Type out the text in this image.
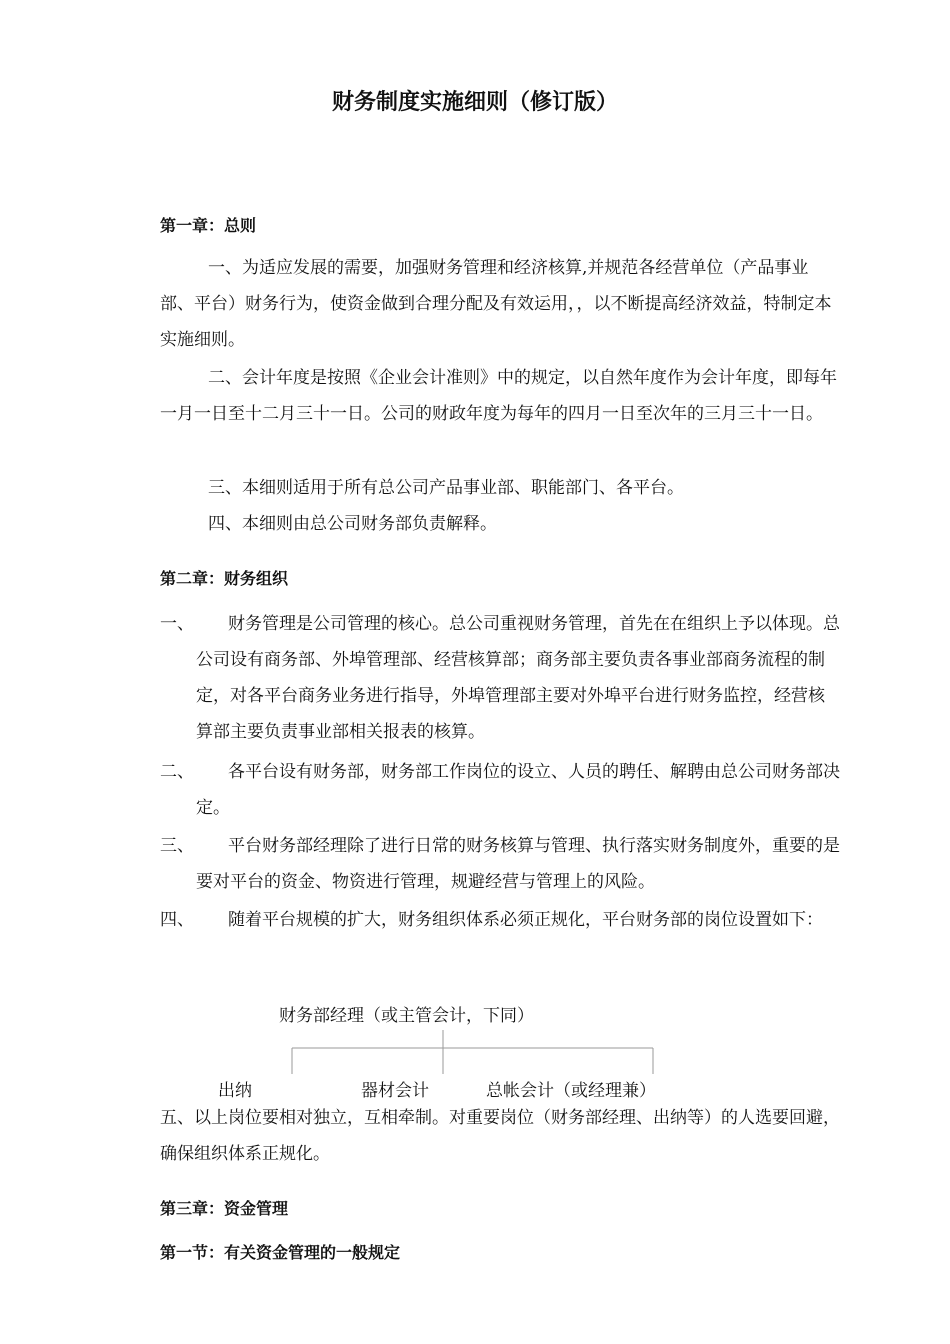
财务制度实施细则（修订版）
第一章：总则

一、为适应发展的需要，加强财务管理和经济核算,并规范各经营单位（产品事业部、平台）财务行为，使资金做到合理分配及有效运用，，以不断提高经济效益，特制定本实施细则。

二、会计年度是按照《企业会计准则》中的规定，以自然年度作为会计年度，即每年一月一日至十二月三十一日。公司的财政年度为每年的四月一日至次年的三月三十一日。

三、本细则适用于所有总公司产品事业部、职能部门、各平台。

四、本细则由总公司财务部负责解释。

第二章：财务组织
一、	财务管理是公司管理的核心。总公司重视财务管理，首先在在组织上予以体现。总公司设有商务部、外埠管理部、经营核算部；商务部主要负责各事业部商务流程的制定，对各平台商务业务进行指导，外埠管理部主要对外埠平台进行财务监控，经营核算部主要负责事业部相关报表的核算。
二、	各平台设有财务部，财务部工作岗位的设立、人员的聘任、解聘由总公司财务部决定。
三、	平台财务部经理除了进行日常的财务核算与管理、执行落实财务制度外，重要的是要对平台的资金、物资进行管理，规避经营与管理上的风险。
四、	随着平台规模的扩大，财务组织体系必须正规化，平台财务部的岗位设置如下：
财务部经理（或主管会计，下同）
出纳	器材会计	总帐会计（或经理兼）

五、以上岗位要相对独立，互相牵制。对重要岗位（财务部经理、出纳等）的人选要回避，确保组织体系正规化。

第三章：资金管理
第一节：有关资金管理的一般规定
